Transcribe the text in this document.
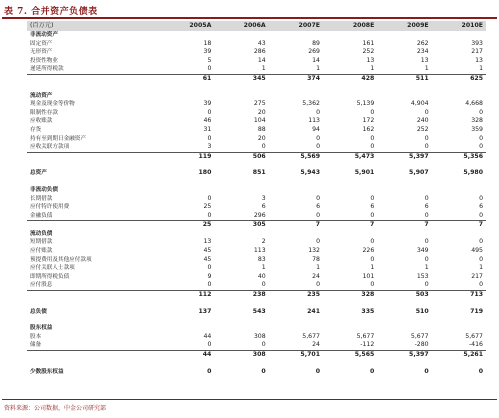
表 7. 合并资产负债表
(百万元)	2005A	2006A	2007E	2008E	2009E	2010E
非流动资产						
固定资产	18	43	89	161	262	393
无形资产	39	286	269	252	234	217
投资性物业	5	14	14	13	13	13
递延所得税款	0	1	1	1	1	1
	61	345	374	428	511	625

流动资产						
现金及现金等价物	39	275	5,362	5,139	4,904	4,668
限制性存款	0	20	0	0	0	0
应收账款	46	104	113	172	240	328
存货	31	88	94	162	252	359
持有至到期日金融资产	0	20	0	0	0	0
应收关联方款项	3	0	0	0	0	0
	119	506	5,569	5,473	5,397	5,356

总资产	180	851	5,943	5,901	5,907	5,980

非流动负债						
长期借款	0	3	0	0	0	0
应付特许使用费	25	6	6	6	6	6
金融负债	0	296	0	0	0	0
	25	305	7	7	7	7
流动负债						
短期借款	13	2	0	0	0	0
应付账款	45	113	132	226	349	495
预提费用及其他应付款项	45	83	78	0	0	0
应付关联人士款项	0	1	1	1	1	1
即期所得税负债	9	40	24	101	153	217
应付股息	0	0	0	0	0	0
	112	238	235	328	503	713

总负债	137	543	241	335	510	719

股东权益						
股本	44	308	5,677	5,677	5,677	5,677
储备	0	0	24	-112	-280	-416
	44	308	5,701	5,565	5,397	5,261

少数股东权益	0	0	0	0	0	0
资料来源：公司数据，中金公司研究部
